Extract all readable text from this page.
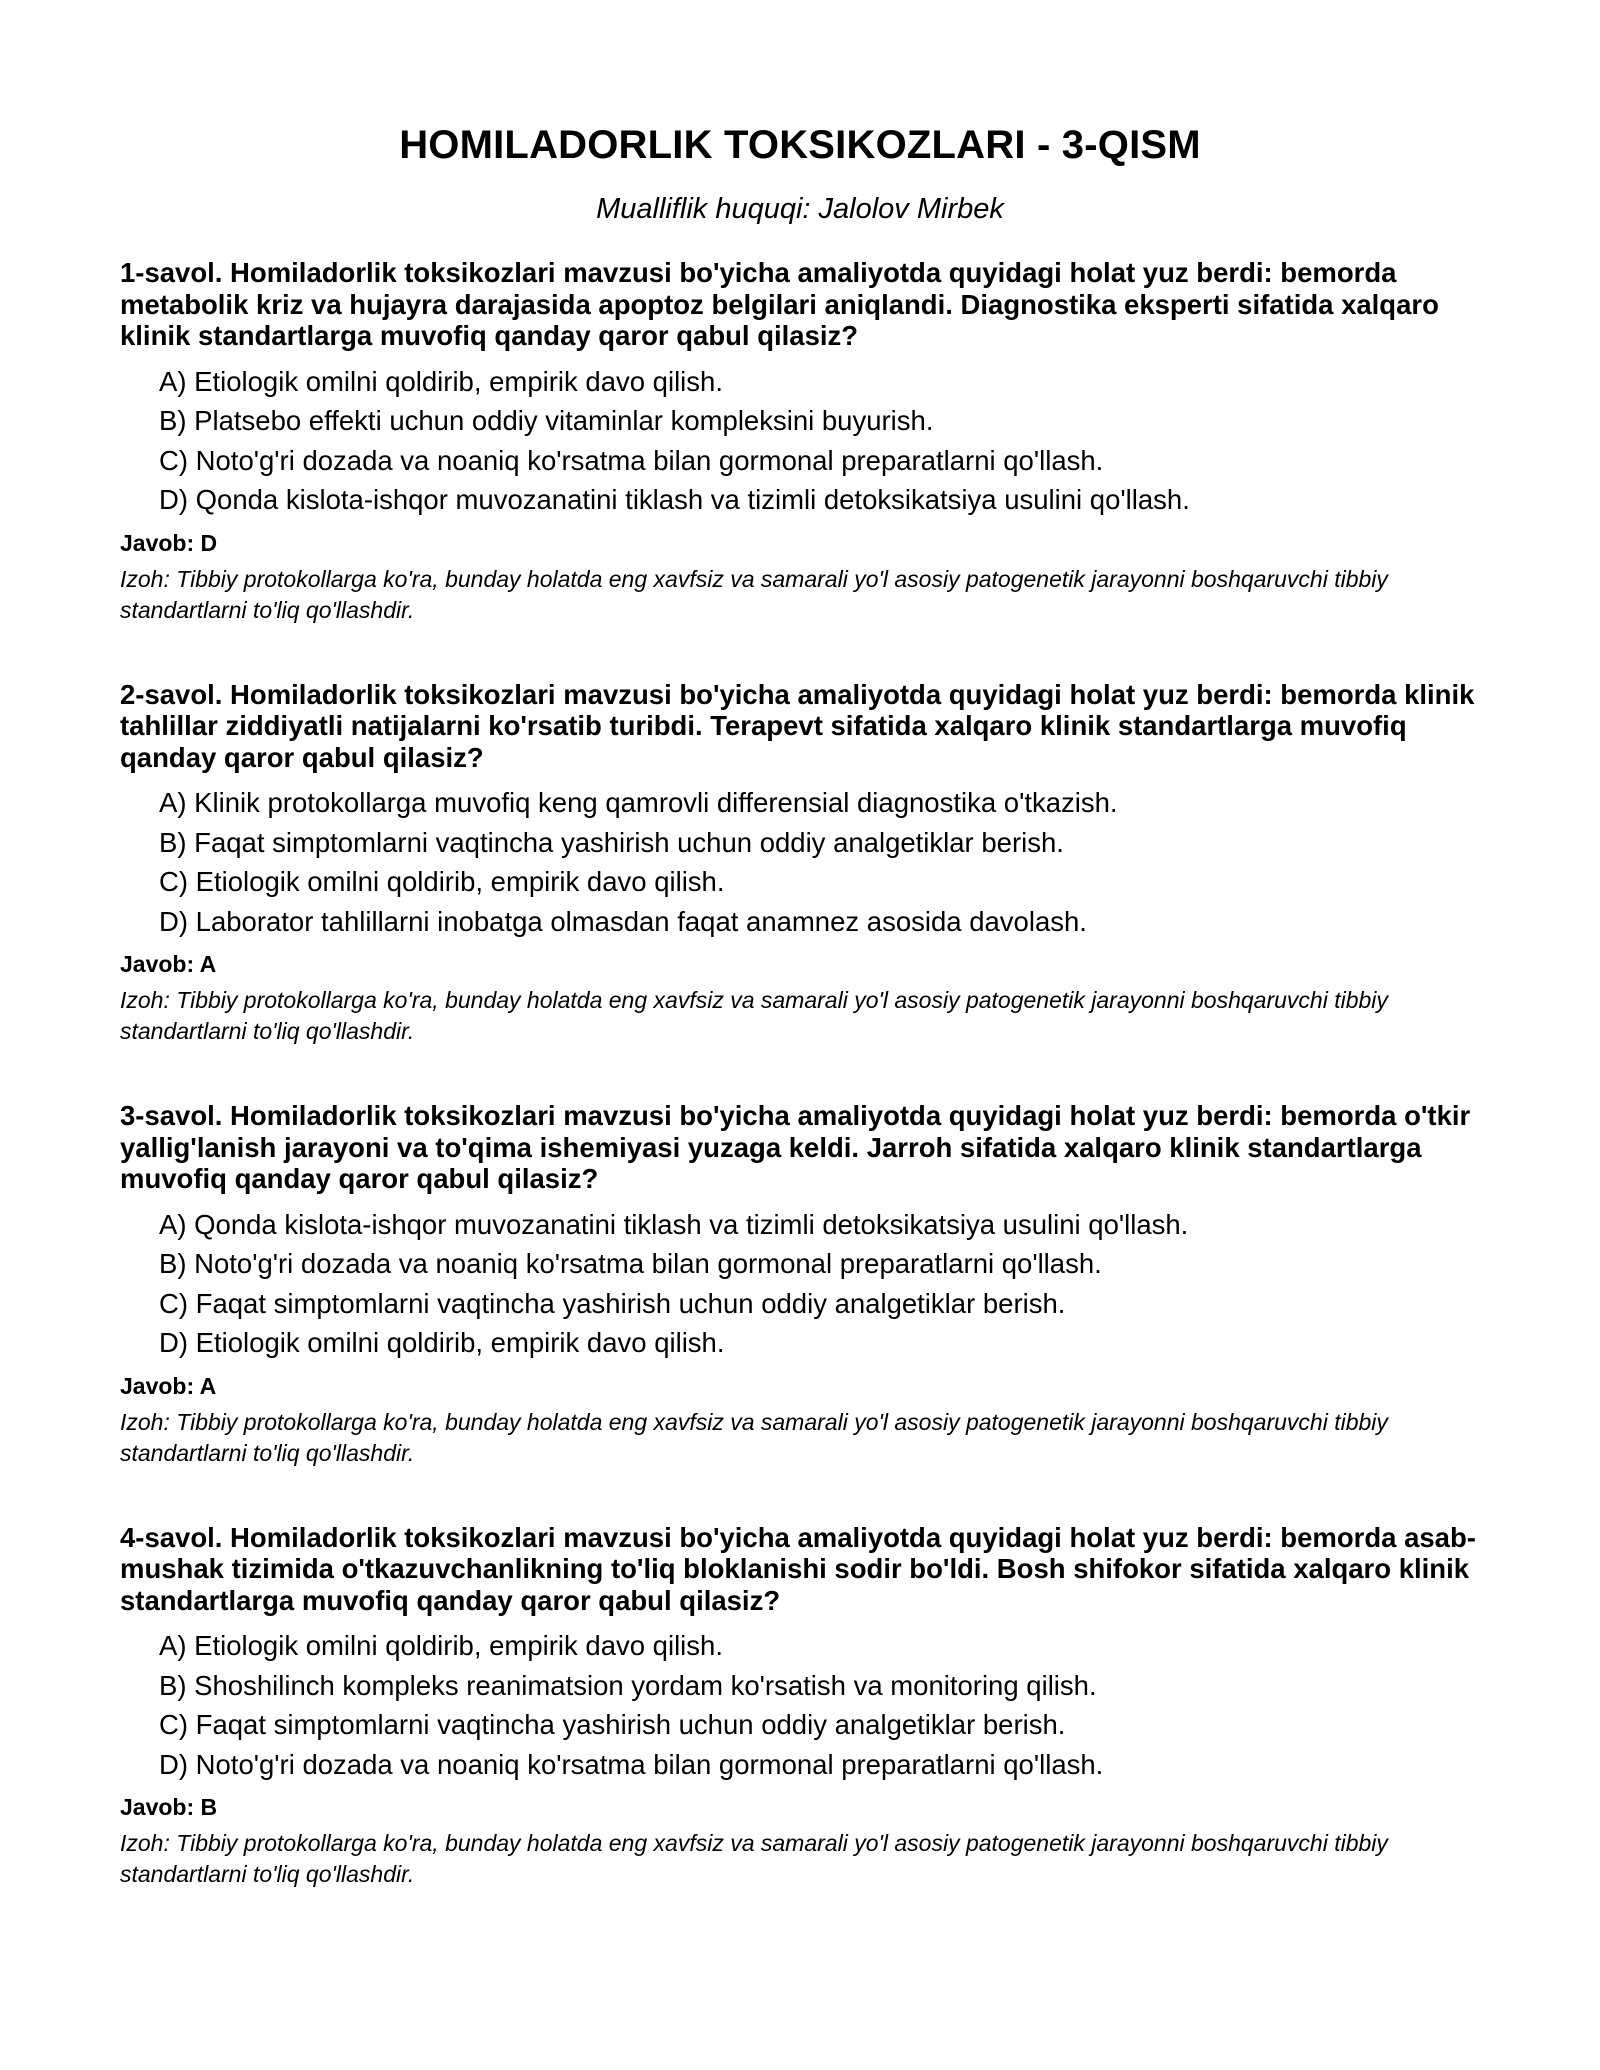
HOMILADORLIK TOKSIKOZLARI - 3-QISM

Mualliflik huquqi: Jalolov Mirbek

1-savol. Homiladorlik toksikozlari mavzusi bo'yicha amaliyotda quyidagi holat yuz berdi: bemorda metabolik kriz va hujayra darajasida apoptoz belgilari aniqlandi. Diagnostika eksperti sifatida xalqaro klinik standartlarga muvofiq qanday qaror qabul qilasiz?

A) Etiologik omilni qoldirib, empirik davo qilish.
B) Platsebo effekti uchun oddiy vitaminlar kompleksini buyurish.
C) Noto'g'ri dozada va noaniq ko'rsatma bilan gormonal preparatlarni qo'llash.
D) Qonda kislota-ishqor muvozanatini tiklash va tizimli detoksikatsiya usulini qo'llash.

Javob: D

Izoh: Tibbiy protokollarga ko'ra, bunday holatda eng xavfsiz va samarali yo'l asosiy patogenetik jarayonni boshqaruvchi tibbiy standartlarni to'liq qo'llashdir.

2-savol. Homiladorlik toksikozlari mavzusi bo'yicha amaliyotda quyidagi holat yuz berdi: bemorda klinik tahlillar ziddiyatli natijalarni ko'rsatib turibdi. Terapevt sifatida xalqaro klinik standartlarga muvofiq qanday qaror qabul qilasiz?

A) Klinik protokollarga muvofiq keng qamrovli differensial diagnostika o'tkazish.
B) Faqat simptomlarni vaqtincha yashirish uchun oddiy analgetiklar berish.
C) Etiologik omilni qoldirib, empirik davo qilish.
D) Laborator tahlillarni inobatga olmasdan faqat anamnez asosida davolash.

Javob: A

Izoh: Tibbiy protokollarga ko'ra, bunday holatda eng xavfsiz va samarali yo'l asosiy patogenetik jarayonni boshqaruvchi tibbiy standartlarni to'liq qo'llashdir.

3-savol. Homiladorlik toksikozlari mavzusi bo'yicha amaliyotda quyidagi holat yuz berdi: bemorda o'tkir yallig'lanish jarayoni va to'qima ishemiyasi yuzaga keldi. Jarroh sifatida xalqaro klinik standartlarga muvofiq qanday qaror qabul qilasiz?

A) Qonda kislota-ishqor muvozanatini tiklash va tizimli detoksikatsiya usulini qo'llash.
B) Noto'g'ri dozada va noaniq ko'rsatma bilan gormonal preparatlarni qo'llash.
C) Faqat simptomlarni vaqtincha yashirish uchun oddiy analgetiklar berish.
D) Etiologik omilni qoldirib, empirik davo qilish.

Javob: A

Izoh: Tibbiy protokollarga ko'ra, bunday holatda eng xavfsiz va samarali yo'l asosiy patogenetik jarayonni boshqaruvchi tibbiy standartlarni to'liq qo'llashdir.

4-savol. Homiladorlik toksikozlari mavzusi bo'yicha amaliyotda quyidagi holat yuz berdi: bemorda asab-mushak tizimida o'tkazuvchanlikning to'liq bloklanishi sodir bo'ldi. Bosh shifokor sifatida xalqaro klinik standartlarga muvofiq qanday qaror qabul qilasiz?

A) Etiologik omilni qoldirib, empirik davo qilish.
B) Shoshilinch kompleks reanimatsion yordam ko'rsatish va monitoring qilish.
C) Faqat simptomlarni vaqtincha yashirish uchun oddiy analgetiklar berish.
D) Noto'g'ri dozada va noaniq ko'rsatma bilan gormonal preparatlarni qo'llash.

Javob: B

Izoh: Tibbiy protokollarga ko'ra, bunday holatda eng xavfsiz va samarali yo'l asosiy patogenetik jarayonni boshqaruvchi tibbiy standartlarni to'liq qo'llashdir.
